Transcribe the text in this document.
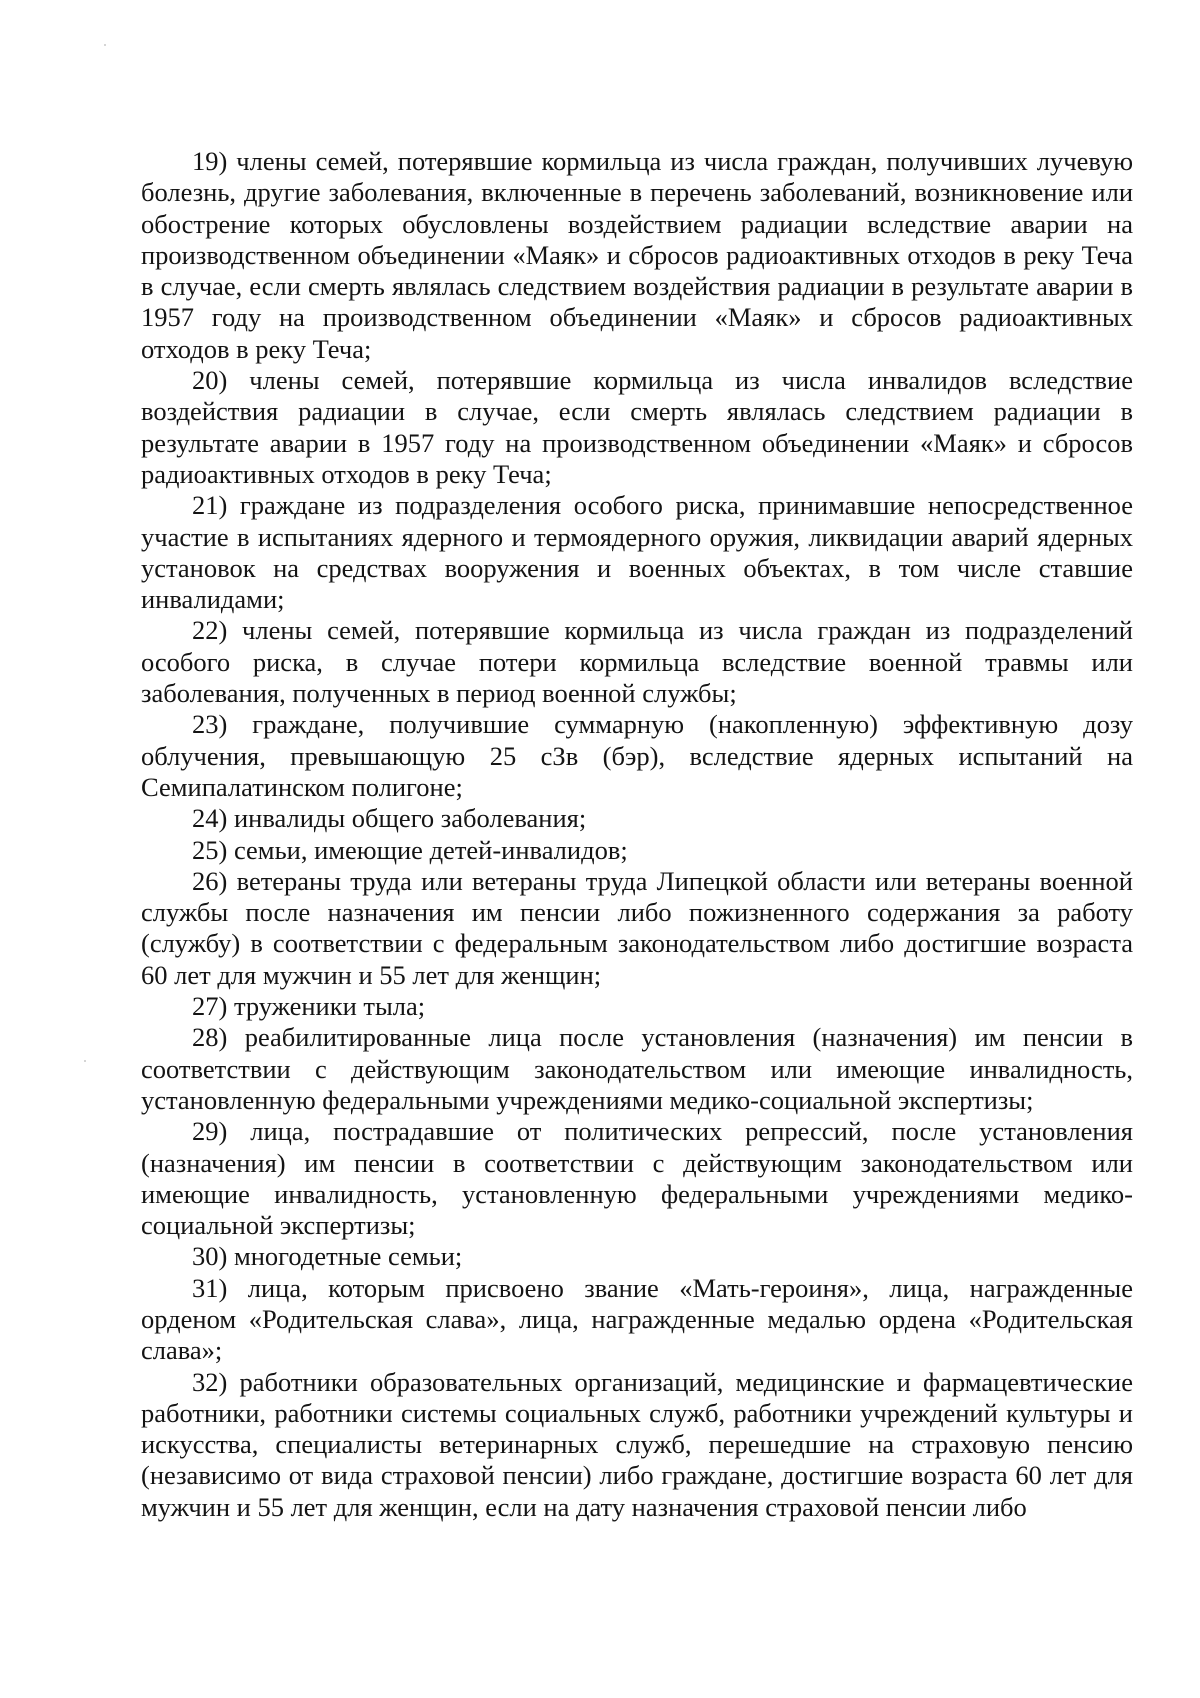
19) члены семей, потерявшие кормильца из числа граждан, получивших лучевую болезнь, другие заболевания, включенные в перечень заболеваний, возникновение или обострение которых обусловлены воздействием радиации вследствие аварии на производственном объединении «Маяк» и сбросов радиоактивных отходов в реку Теча в случае, если смерть являлась следствием воздействия радиации в результате аварии в 1957 году на производственном объединении «Маяк» и сбросов радиоактивных отходов в реку Теча;

20) члены семей, потерявшие кормильца из числа инвалидов вследствие воздействия радиации в случае, если смерть являлась следствием радиации в результате аварии в 1957 году на производственном объединении «Маяк» и сбросов радиоактивных отходов в реку Теча;

21) граждане из подразделения особого риска, принимавшие непосредственное участие в испытаниях ядерного и термоядерного оружия, ликвидации аварий ядерных установок на средствах вооружения и военных объектах, в том числе ставшие инвалидами;

22) члены семей, потерявшие кормильца из числа граждан из подразделений особого риска, в случае потери кормильца вследствие военной травмы или заболевания, полученных в период военной службы;

23) граждане, получившие суммарную (накопленную) эффективную дозу облучения, превышающую 25 сЗв (бэр), вследствие ядерных испытаний на Семипалатинском полигоне;

24) инвалиды общего заболевания;

25) семьи, имеющие детей-инвалидов;

26) ветераны труда или ветераны труда Липецкой области или ветераны военной службы после назначения им пенсии либо пожизненного содержания за работу (службу) в соответствии с федеральным законодательством либо достигшие возраста 60 лет для мужчин и 55 лет для женщин;

27) труженики тыла;

28) реабилитированные лица после установления (назначения) им пенсии в соответствии с действующим законодательством или имеющие инвалидность, установленную федеральными учреждениями медико-социальной экспертизы;

29) лица, пострадавшие от политических репрессий, после установления (назначения) им пенсии в соответствии с действующим законодательством или имеющие инвалидность, установленную федеральными учреждениями медико-социальной экспертизы;

30) многодетные семьи;

31) лица, которым присвоено звание «Мать-героиня», лица, награжденные орденом «Родительская слава», лица, награжденные медалью ордена «Родительская слава»;

32) работники образовательных организаций, медицинские и фармацевтические работники, работники системы социальных служб, работники учреждений культуры и искусства, специалисты ветеринарных служб, перешедшие на страховую пенсию (независимо от вида страховой пенсии) либо граждане, достигшие возраста 60 лет для мужчин и 55 лет для женщин, если на дату назначения страховой пенсии либо
